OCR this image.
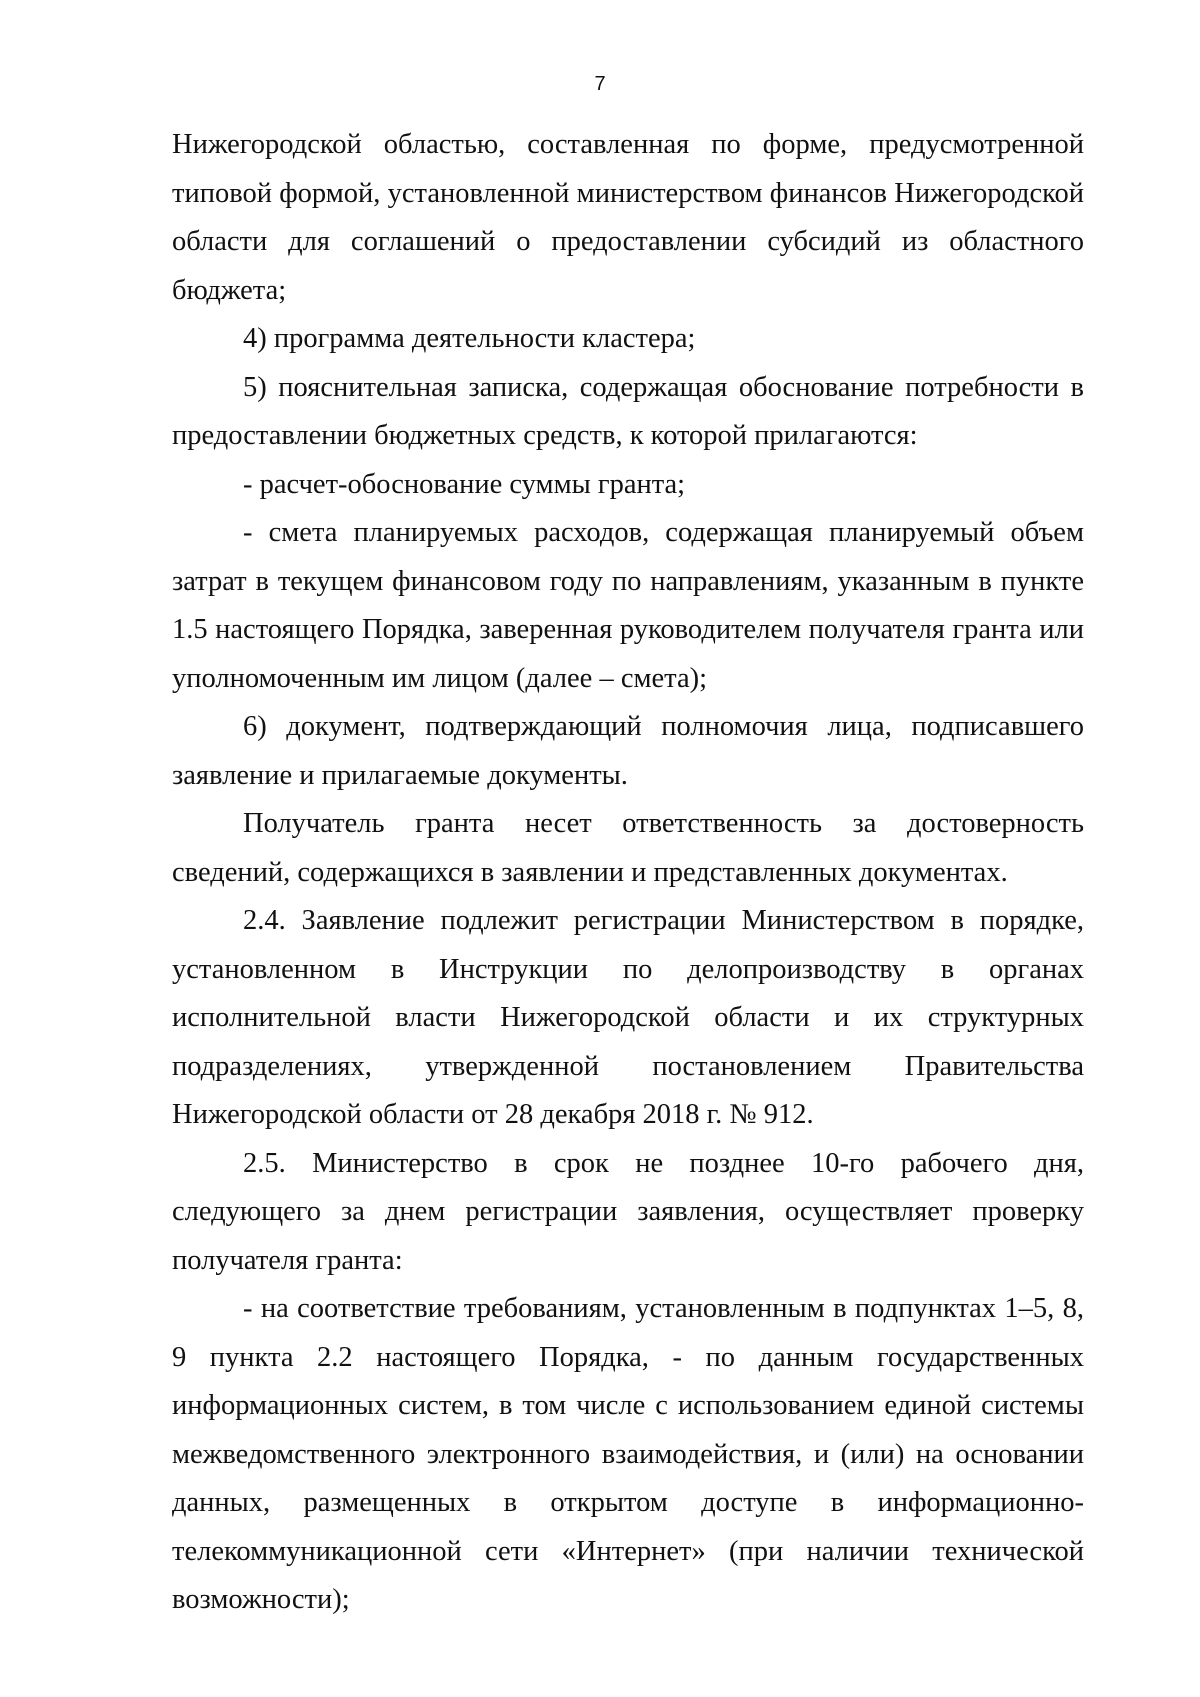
7

Нижегородской областью, составленная по форме, предусмотренной типовой формой, установленной министерством финансов Нижегородской области для соглашений о предоставлении субсидий из областного бюджета;

4) программа деятельности кластера;

5) пояснительная записка, содержащая обоснование потребности в предоставлении бюджетных средств, к которой прилагаются:

- расчет-обоснование суммы гранта;

- смета планируемых расходов, содержащая планируемый объем затрат в текущем финансовом году по направлениям, указанным в пункте 1.5 настоящего Порядка, заверенная руководителем получателя гранта или уполномоченным им лицом (далее – смета);

6) документ, подтверждающий полномочия лица, подписавшего заявление и прилагаемые документы.

Получатель гранта несет ответственность за достоверность сведений, содержащихся в заявлении и представленных документах.

2.4. Заявление подлежит регистрации Министерством в порядке, установленном в Инструкции по делопроизводству в органах исполнительной власти Нижегородской области и их структурных подразделениях, утвержденной постановлением Правительства Нижегородской области от 28 декабря 2018 г. № 912.

2.5. Министерство в срок не позднее 10-го рабочего дня, следующего за днем регистрации заявления, осуществляет проверку получателя гранта:

- на соответствие требованиям, установленным в подпунктах 1–5, 8, 9 пункта 2.2 настоящего Порядка, - по данным государственных информационных систем, в том числе с использованием единой системы межведомственного электронного взаимодействия, и (или) на основании данных, размещенных в открытом доступе в информационно-телекоммуникационной сети «Интернет» (при наличии технической возможности);
